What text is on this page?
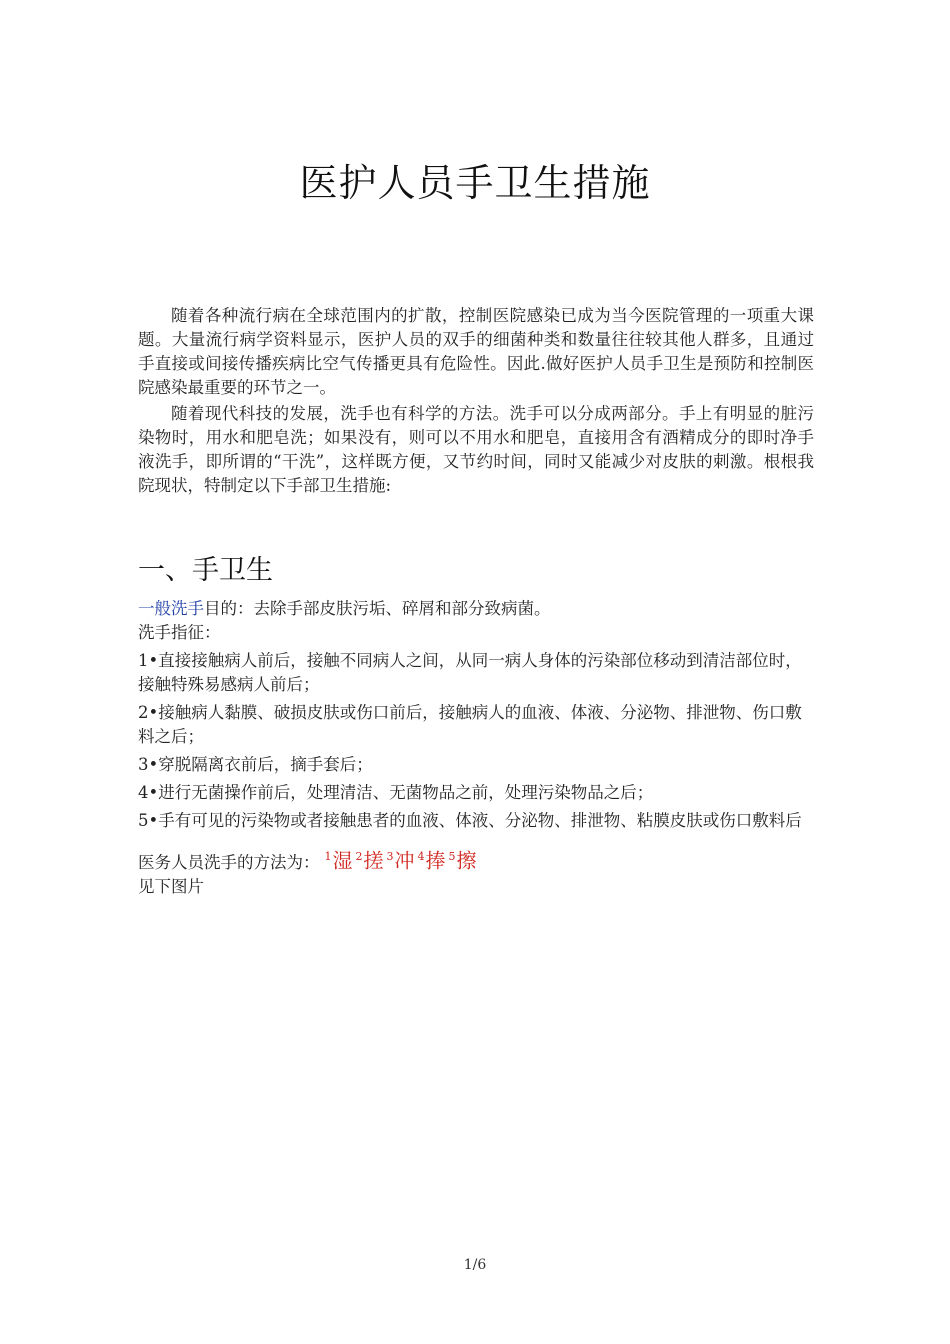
医护人员手卫生措施

随着各种流行病在全球范围内的扩散，控制医院感染已成为当今医院管理的一项重大课题。大量流行病学资料显示，医护人员的双手的细菌种类和数量往往较其他人群多，且通过手直接或间接传播疾病比空气传播更具有危险性。因此.做好医护人员手卫生是预防和控制医院感染最重要的环节之一。

随着现代科技的发展，洗手也有科学的方法。洗手可以分成两部分。手上有明显的脏污染物时，用水和肥皂洗；如果没有，则可以不用水和肥皂，直接用含有酒精成分的即时净手液洗手，即所谓的“干洗”，这样既方便，又节约时间，同时又能减少对皮肤的刺激。根根我院现状，特制定以下手部卫生措施:

一、手卫生

一般洗手目的：去除手部皮肤污垢、碎屑和部分致病菌。

洗手指征：

1•直接接触病人前后，接触不同病人之间，从同一病人身体的污染部位移动到清洁部位时，接触特殊易感病人前后；

2•接触病人黏膜、破损皮肤或伤口前后，接触病人的血液、体液、分泌物、排泄物、伤口敷料之后；

3•穿脱隔离衣前后，摘手套后；

4•进行无菌操作前后，处理清洁、无菌物品之前，处理污染物品之后；

5•手有可见的污染物或者接触患者的血液、体液、分泌物、排泄物、粘膜皮肤或伤口敷料后

医务人员洗手的方法为： $^1$湿 $^2$搓 $^3$冲 $^4$捧 $^5$擦

见下图片

1/6
